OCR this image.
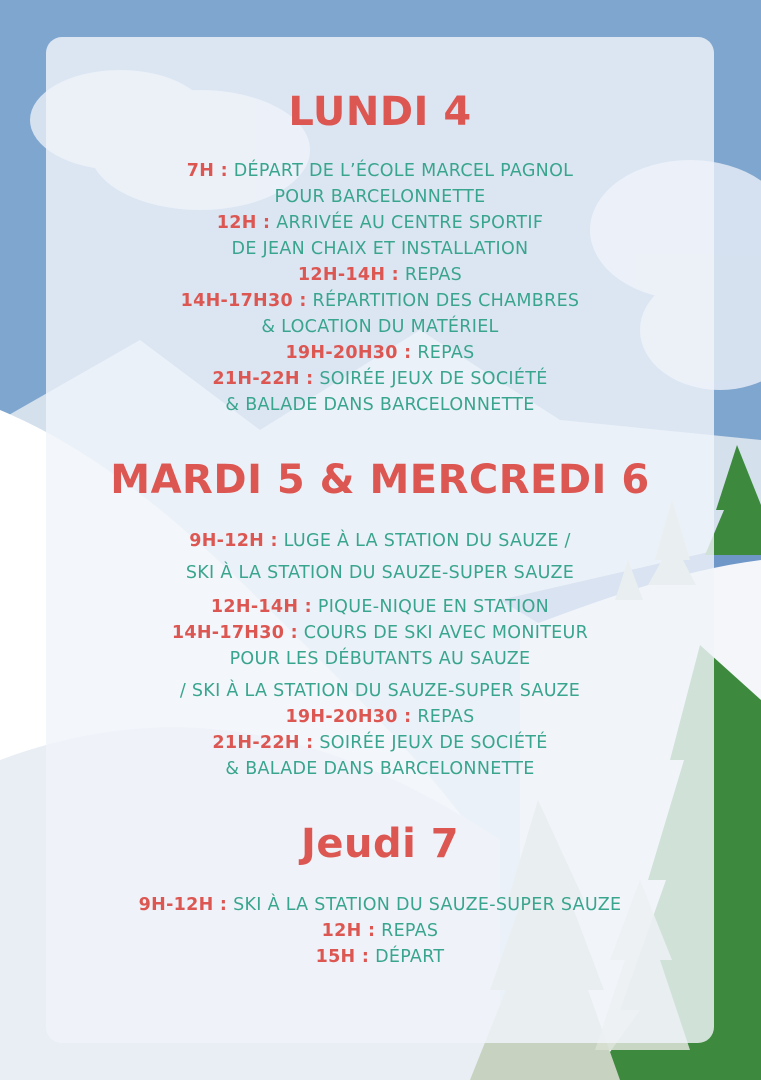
LUNDI 4
7H : DÉPART DE L’ÉCOLE MARCEL PAGNOL
POUR BARCELONNETTE
12H : ARRIVÉE AU CENTRE SPORTIF
DE JEAN CHAIX ET INSTALLATION
12H-14H : REPAS
14H-17H30 : RÉPARTITION DES CHAMBRES
& LOCATION DU MATÉRIEL
19H-20H30 : REPAS
21H-22H : SOIRÉE JEUX DE SOCIÉTÉ
& BALADE DANS BARCELONNETTE
MARDI 5 & MERCREDI 6
9H-12H : LUGE À LA STATION DU SAUZE /
SKI À LA STATION DU SAUZE-SUPER SAUZE
12H-14H : PIQUE-NIQUE EN STATION
14H-17H30 : COURS DE SKI AVEC MONITEUR
POUR LES DÉBUTANTS AU SAUZE
/ SKI À LA STATION DU SAUZE-SUPER SAUZE
19H-20H30 : REPAS
21H-22H : SOIRÉE JEUX DE SOCIÉTÉ
& BALADE DANS BARCELONNETTE
Jeudi 7
9H-12H : SKI À LA STATION DU SAUZE-SUPER SAUZE
12H : REPAS
15H : DÉPART
